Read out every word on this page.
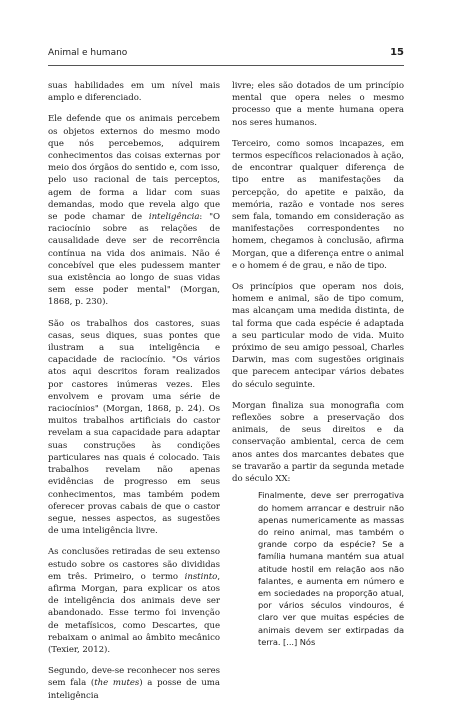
Animal e humano	15

suas habilidades em um nível mais amplo e diferenciado.

Ele defende que os animais percebem os objetos externos do mesmo modo que nós percebemos, adquirem conhecimentos das coisas externas por meio dos órgãos do sentido e, com isso, pelo uso racional de tais perceptos, agem de forma a lidar com suas demandas, modo que revela algo que se pode chamar de inteligência: "O raciocínio sobre as relações de causalidade deve ser de recorrência contínua na vida dos animais. Não é concebível que eles pudessem manter sua existência ao longo de suas vidas sem esse poder mental" (Morgan, 1868, p. 230).

São os trabalhos dos castores, suas casas, seus diques, suas pontes que ilustram a sua inteligência e capacidade de raciocínio. "Os vários atos aqui descritos foram realizados por castores inúmeras vezes. Eles envolvem e provam uma série de raciocínios" (Morgan, 1868, p. 24). Os muitos trabalhos artificiais do castor revelam a sua capacidade para adaptar suas construções às condições particulares nas quais é colocado. Tais trabalhos revelam não apenas evidências de progresso em seus conhecimentos, mas também podem oferecer provas cabais de que o castor segue, nesses aspectos, as sugestões de uma inteligência livre.

As conclusões retiradas de seu extenso estudo sobre os castores são divididas em três. Primeiro, o termo instinto, afirma Morgan, para explicar os atos de inteligência dos animais deve ser abandonado. Esse termo foi invenção de metafísicos, como Descartes, que rebaixam o animal ao âmbito mecânico (Texier, 2012).

Segundo, deve-se reconhecer nos seres sem fala (the mutes) a posse de uma inteligência

livre; eles são dotados de um princípio mental que opera neles o mesmo processo que a mente humana opera nos seres humanos.

Terceiro, como somos incapazes, em termos específicos relacionados à ação, de encontrar qualquer diferença de tipo entre as manifestações da percepção, do apetite e paixão, da memória, razão e vontade nos seres sem fala, tomando em consideração as manifestações correspondentes no homem, chegamos à conclusão, afirma Morgan, que a diferença entre o animal e o homem é de grau, e não de tipo.

Os princípios que operam nos dois, homem e animal, são de tipo comum, mas alcançam uma medida distinta, de tal forma que cada espécie é adaptada a seu particular modo de vida. Muito próximo de seu amigo pessoal, Charles Darwin, mas com sugestões originais que parecem antecipar vários debates do século seguinte.

Morgan finaliza sua monografia com reflexões sobre a preservação dos animais, de seus direitos e da conservação ambiental, cerca de cem anos antes dos marcantes debates que se travarão a partir da segunda metade do século XX:

Finalmente, deve ser prerrogativa do homem arrancar e destruir não apenas numericamente as massas do reino animal, mas também o grande corpo da espécie? Se a família humana mantém sua atual atitude hostil em relação aos não falantes, e aumenta em número e em sociedades na proporção atual, por vários séculos vindouros, é claro ver que muitas espécies de animais devem ser extirpadas da terra. [...] Nós
